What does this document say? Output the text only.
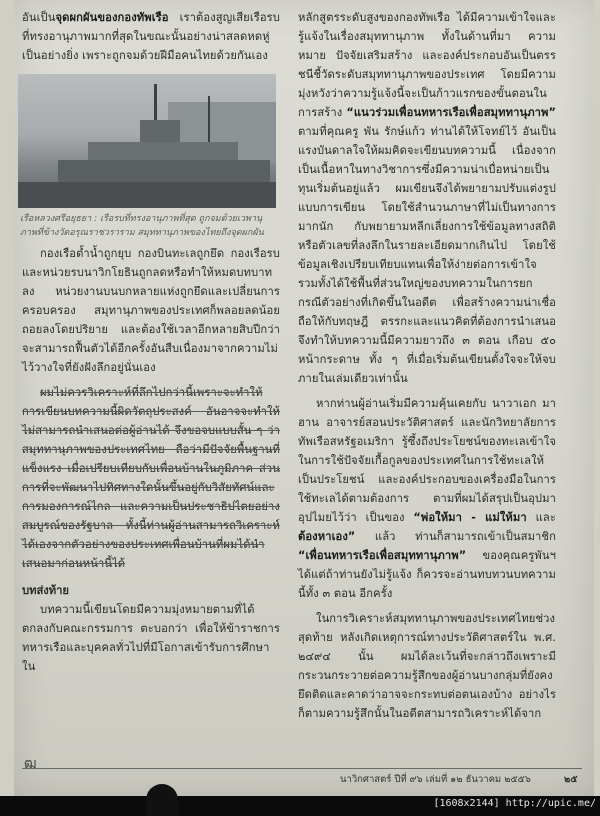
อันเป็นจุดผกผันของกองทัพเรือ เราต้องสูญเสียเรือรบที่ทรงอานุภาพมากที่สุดในขณะนั้นอย่างน่าสลดหดหู่เป็นอย่างยิ่ง เพราะถูกจมด้วยฝีมือคนไทยด้วยกันเอง

เรือหลวงศรีอยุธยา : เรือรบที่ทรงอานุภาพที่สุด ถูกจมด้วยเวพานุภาพที่ข้างวัดอรุณราชวราราม สมุททานุภาพของไทยถึงจุดผกผัน

กองเรือต้ำน้ำถูกยุบ กองบินทะเลถูกยึด กองเรือรบและหน่วยรบนาวิกโยธินถูกลดหรือทำให้หมดบทบาทลง หน่วยงานบนบกหลายแห่งถูกยึดและเปลี่ยนการครอบครอง สมุทานุภาพของประเทศก็พลอยลดน้อยถอยลงโดยปริยาย และต้องใช้เวลาอีกหลายสิบปีกว่าจะสามารถฟื้นตัวได้อีกครั้งอันสืบเนื่องมาจากความไม่ไว้วางใจที่ยังฝังลึกอยู่นั่นเอง

ผมไม่ควรวิเคราะห์ที่ลึกไปกว่านี้เพราะจะทำให้การเขียนบทความนี้ผิดวัตถุประสงค์ อันอาจจะทำให้ไม่สามารถนำเสนอต่อผู้อ่านได้ จึงขอจบแบบสั้น ๆ ว่า สมุททานุภาพของประเทศไทย ถือว่ามีปัจจัยพื้นฐานที่แข็งแรง เมื่อเปรียบเทียบกับเพื่อนบ้านในภูมิภาค ส่วนการที่จะพัฒนาไปทิศทางใดนั้นขึ้นอยู่กับวิสัยทัศน์และการมองการณ์ไกล และความเป็นประชาธิปไตยอย่างสมบูรณ์ของรัฐบาล ทั้งนี้ท่านผู้อ่านสามารถวิเคราะห์ได้เองจากตัวอย่างของประเทศเพื่อนบ้านที่ผมได้นำเสนอมาก่อนหน้านี้ได้

บทส่งท้าย

บทความนี้เขียนโดยมีความมุ่งหมายตามที่ได้ตกลงกับคณะกรรมการ ตะบอกว่า เพื่อให้ข้าราชการทหารเรือและบุคคลทั่วไปที่มีโอกาสเข้ารับการศึกษาใน

หลักสูตรระดับสูงของกองทัพเรือ ได้มีความเข้าใจและรู้แจ้งในเรื่องสมุททานุภาพ ทั้งในด้านที่มา ความหมาย ปัจจัยเสริมสร้าง และองค์ประกอบอันเป็นตรรชนีชี้วัดระดับสมุททานุภาพของประเทศ โดยมีความมุ่งหวังว่าความรู้แจ้งนี้จะเป็นก้าวแรกของขั้นตอนในการสร้าง “แนวร่วมเพื่อนทหารเรือเพื่อสมุททานุภาพ” ตามที่คุณครู พัน รักษ์แก้ว ท่านได้ให้โจทย์ไว้ อันเป็นแรงบันดาลใจให้ผมคิดจะเขียนบทความนี้ เนื่องจากเป็นเนื้อหาในทางวิชาการซึ่งมีความน่าเบื่อหน่ายเป็นทุนเริ่มต้นอยู่แล้ว ผมเขียนจึงได้พยายามปรับแต่งรูปแบบการเขียน โดยใช้สำนวนภาษาที่ไม่เป็นทางการมากนัก กับพยายามหลีกเลี่ยงการใช้ข้อมูลทางสถิติหรือตัวเลขที่ลงลึกในรายละเอียดมากเกินไป โดยใช้ข้อมูลเชิงเปรียบเทียบแทนเพื่อให้ง่ายต่อการเข้าใจ รวมทั้งได้ใช้พื้นที่ส่วนใหญ่ของบทความในการยกกรณีตัวอย่างที่เกิดขึ้นในอดีต เพื่อสร้างความน่าเชื่อถือให้กับทฤษฎี ตรรกะและแนวคิดที่ต้องการนำเสนอ จึงทำให้บทความนี้มีความยาวถึง ๓ ตอน เกือบ ๕๐ หน้ากระดาษ ทั้ง ๆ ที่เมื่อเริ่มต้นเขียนตั้งใจจะให้จบภายในเล่มเดียวเท่านั้น

หากท่านผู้อ่านเริ่มมีความคุ้นเคยกับ นาวาเอก มาฮาน อาจารย์สอนประวัติศาสตร์ และนักวิทยาลัยการทัพเรือสหรัฐอเมริกา รู้ซึ้งถึงประโยชน์ของทะเลเข้าใจในการใช้ปัจจัยเกื้อกูลของประเทศในการใช้ทะเลให้เป็นประโยชน์ และองค์ประกอบของเครื่องมือในการใช้ทะเลได้ตามต้องการ ตามที่ผมได้สรุปเป็นอุปมาอุปไมยไว้ว่า เป็นของ “พ่อให้มา - แม่ให้มา และต้องหาเอง” แล้ว ท่านก็สามารถเข้าเป็นสมาชิก “เพื่อนทหารเรือเพื่อสมุททานุภาพ” ของคุณครูพันฯ ได้แต่ถ้าท่านยังไม่รู้แจ้ง ก็ควรจะอ่านทบทวนบทความนี้ทั้ง ๓ ตอน อีกครั้ง

ในการวิเคราะห์สมุททานุภาพของประเทศไทยช่วงสุดท้าย หลังเกิดเหตุการณ์ทางประวัติศาสตร์ใน พ.ศ. ๒๔๙๔ นั้น ผมได้ละเว้นที่จะกล่าวถึงเพราะมีกระวนกระวายต่อความรู้สึกของผู้อ่านบางกลุ่มที่ยังคงยึดติดและคาดว่าอาจจะกระทบต่อตนเองบ้าง อย่างไรก็ตามความรู้สึกนั้นในอดีตสามารถวิเคราะห์ได้จาก

ฒ
นาวิกศาสตร์ ปีที่ ๙๖ เล่มที่ ๑๒ ธันวาคม ๒๕๕๖	๒๕
[1608x2144] http://upic.me/
